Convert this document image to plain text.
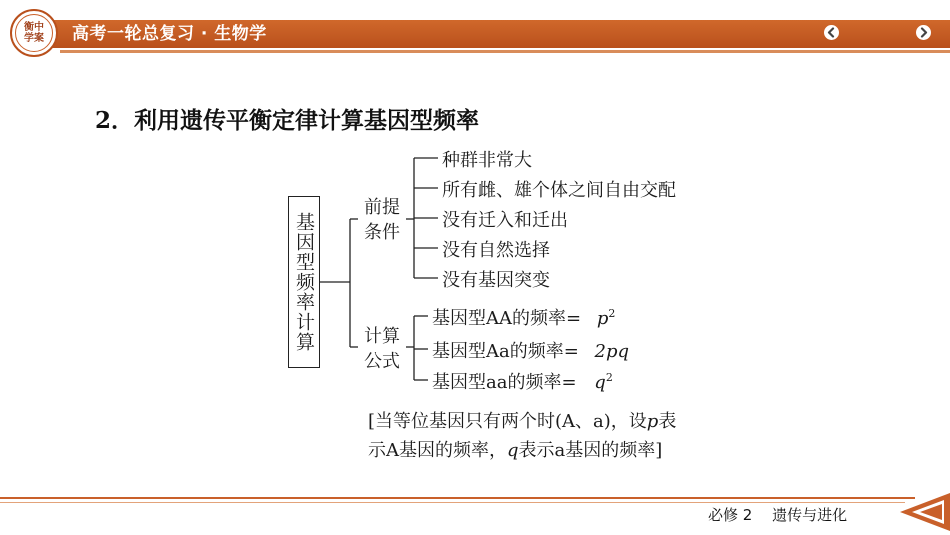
衡中
学案 高考一轮总复习 · 生物学
2．利用遗传平衡定律计算基因型频率
基因型频率计算
前提
条件
种群非常大
所有雌、雄个体之间自由交配
没有迁入和迁出
没有自然选择
没有基因突变
计算
公式
基因型AA的频率= $p^2$
基因型Aa的频率= 2pq
基因型aa的频率= $q^2$
[当等位基因只有两个时(A、a)，设p表
示A基因的频率，q表示a基因的频率]
必修 2　 遗传与进化
